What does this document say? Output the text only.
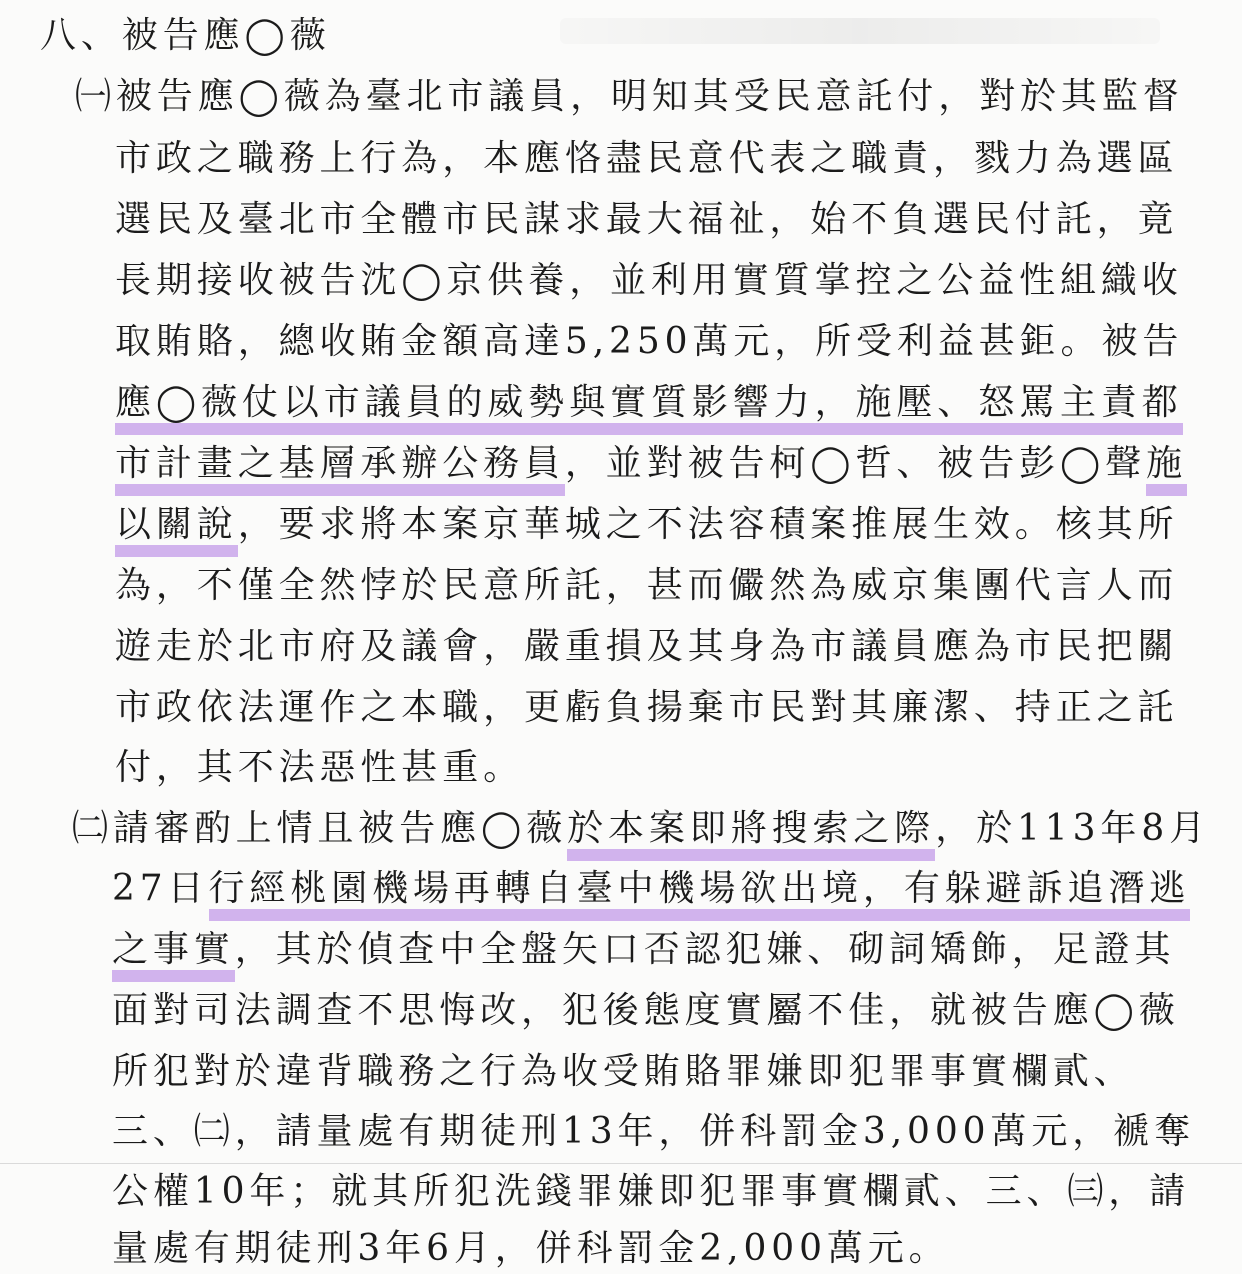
八、被告應◯薇

㈠被告應◯薇為臺北市議員，明知其受民意託付，對於其監督

市政之職務上行為，本應恪盡民意代表之職責，戮力為選區

選民及臺北市全體市民謀求最大福祉，始不負選民付託，竟

長期接收被告沈◯京供養，並利用實質掌控之公益性組織收

取賄賂，總收賄金額高達5,250萬元，所受利益甚鉅。被告

應◯薇仗以市議員的威勢與實質影響力，施壓、怒罵主責都

市計畫之基層承辦公務員，並對被告柯◯哲、被告彭◯聲施

以關說，要求將本案京華城之不法容積案推展生效。核其所

為，不僅全然悖於民意所託，甚而儼然為威京集團代言人而

遊走於北市府及議會，嚴重損及其身為市議員應為市民把關

市政依法運作之本職，更虧負揚棄市民對其廉潔、持正之託

付，其不法惡性甚重。

㈡請審酌上情且被告應◯薇於本案即將搜索之際，於113年8月

27日行經桃園機場再轉自臺中機場欲出境，有躲避訴追潛逃

之事實，其於偵查中全盤矢口否認犯嫌、砌詞矯飾，足證其

面對司法調查不思悔改，犯後態度實屬不佳，就被告應◯薇

所犯對於違背職務之行為收受賄賂罪嫌即犯罪事實欄貳、

三、㈡，請量處有期徒刑13年，併科罰金3,000萬元，褫奪

公權10年；就其所犯洗錢罪嫌即犯罪事實欄貳、三、㈢，請

量處有期徒刑3年6月，併科罰金2,000萬元。
